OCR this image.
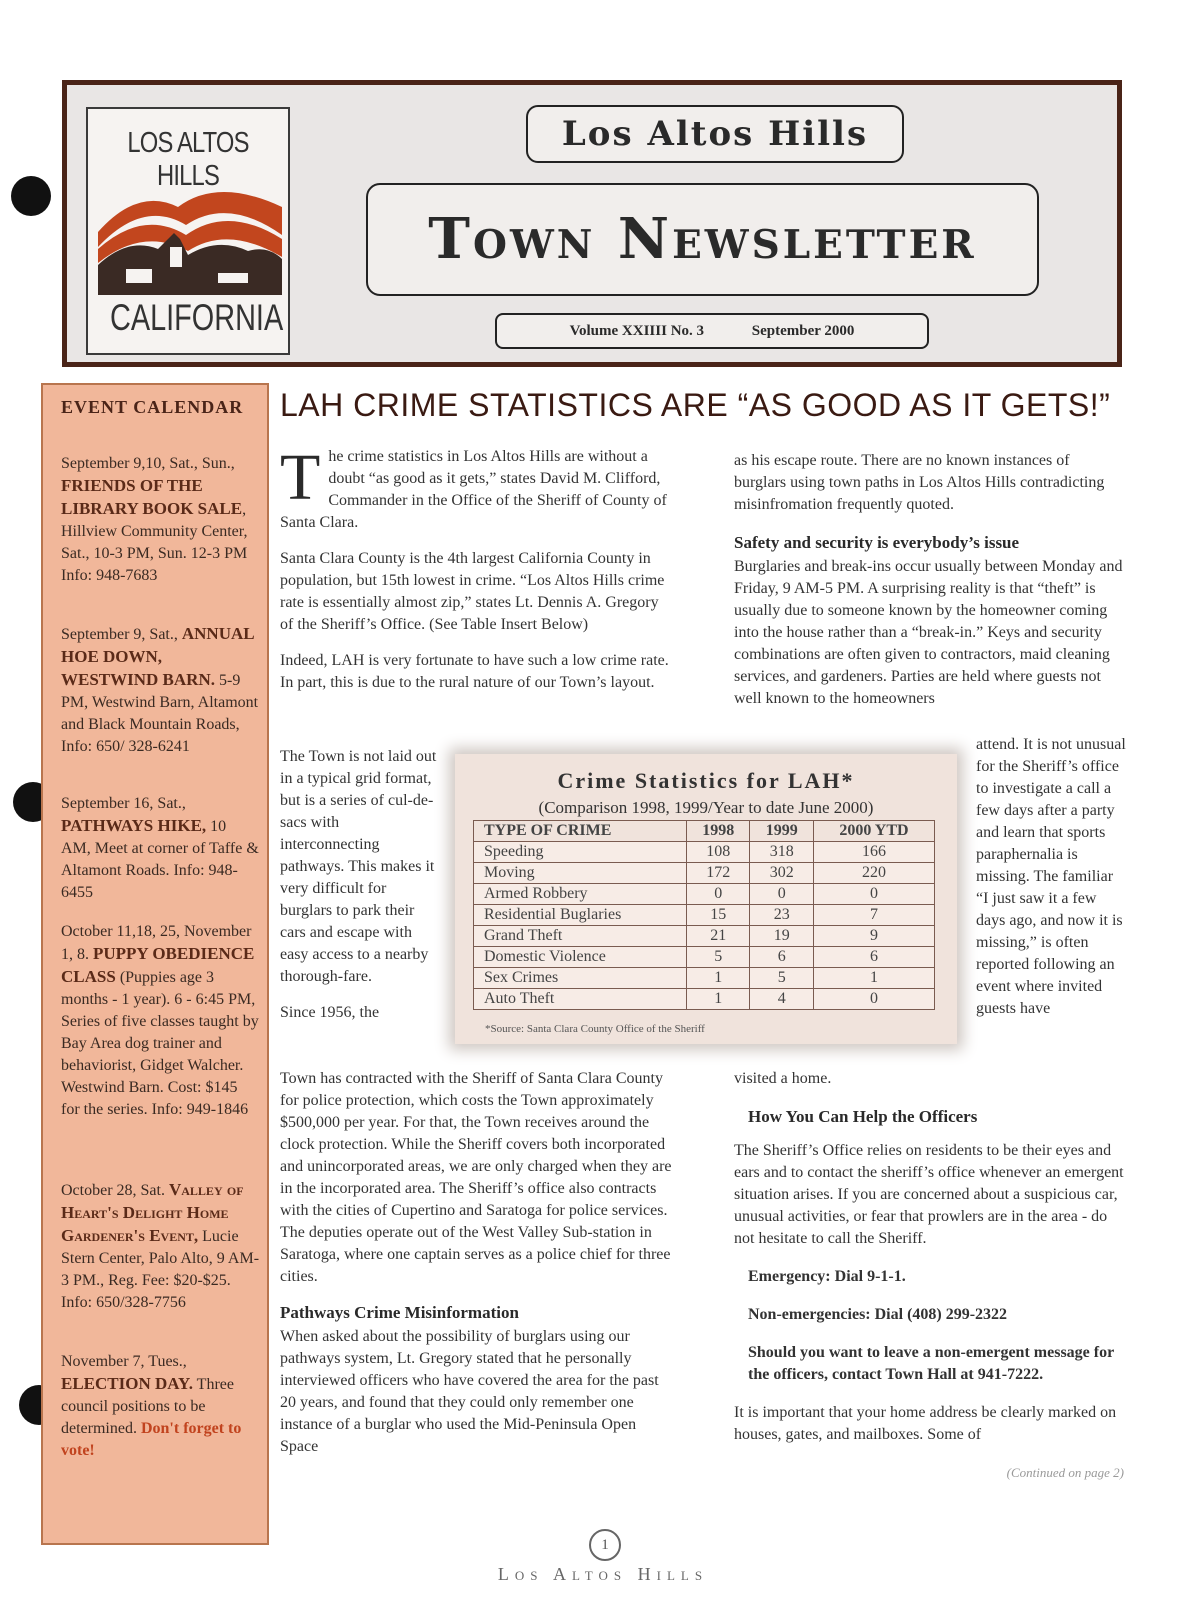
LOS ALTOS HILLS
CALIFORNIA
Los Altos Hills
Town Newsletter
Volume XXIIII No. 3	September 2000
EVENT CALENDAR
September 9,10, Sat., Sun., FRIENDS OF THE LIBRARY BOOK SALE, Hillview Community Center, Sat., 10-3 PM, Sun. 12-3 PM Info: 948-7683
September 9, Sat., ANNUAL HOE DOWN, WESTWIND BARN. 5-9 PM, Westwind Barn, Altamont and Black Mountain Roads, Info: 650/ 328-6241
September 16, Sat., PATHWAYS HIKE, 10 AM, Meet at corner of Taffe & Altamont Roads. Info: 948-6455
October 11,18, 25, November 1, 8. PUPPY OBEDIENCE CLASS (Puppies age 3 months - 1 year). 6 - 6:45 PM, Series of five classes taught by Bay Area dog trainer and behaviorist, Gidget Walcher. Westwind Barn. Cost: $145 for the series. Info: 949-1846
October 28, Sat. Valley of Heart's Delight Home Gardener's Event, Lucie Stern Center, Palo Alto, 9 AM- 3 PM., Reg. Fee: $20-$25. Info: 650/328-7756
November 7, Tues., ELECTION DAY. Three council positions to be determined. Don't forget to vote!
LAH CRIME STATISTICS ARE “AS GOOD AS IT GETS!”

The crime statistics in Los Altos Hills are without a doubt “as good as it gets,” states David M. Clifford, Commander in the Office of the Sheriff of County of Santa Clara.

Santa Clara County is the 4th largest California County in population, but 15th lowest in crime. “Los Altos Hills crime rate is essentially almost zip,” states Lt. Dennis A. Gregory of the Sheriff’s Office. (See Table Insert Below)

Indeed, LAH is very fortunate to have such a low crime rate. In part, this is due to the rural nature of our Town’s layout.

The Town is not laid out in a typical grid format, but is a series of cul-de-sacs with interconnecting pathways. This makes it very difficult for burglars to park their cars and escape with easy access to a nearby thorough-fare.

Since 1956, the

Town has contracted with the Sheriff of Santa Clara County for police protection, which costs the Town approximately $500,000 per year. For that, the Town receives around the clock protection. While the Sheriff covers both incorporated and unincorporated areas, we are only charged when they are in the incorporated area. The Sheriff’s office also contracts with the cities of Cupertino and Saratoga for police services. The deputies operate out of the West Valley Sub-station in Saratoga, where one captain serves as a police chief for three cities.

Pathways Crime Misinformation

When asked about the possibility of burglars using our pathways system, Lt. Gregory stated that he personally interviewed officers who have covered the area for the past 20 years, and found that they could only remember one instance of a burglar who used the Mid-Peninsula Open Space

as his escape route. There are no known instances of burglars using town paths in Los Altos Hills contradicting misinfromation frequently quoted.

Safety and security is everybody’s issue

Burglaries and break-ins occur usually between Monday and Friday, 9 AM-5 PM. A surprising reality is that “theft” is usually due to someone known by the homeowner coming into the house rather than a “break-in.” Keys and security combinations are often given to contractors, maid cleaning services, and gardeners. Parties are held where guests not well known to the homeowners

attend. It is not unusual for the Sheriff’s office to investigate a call a few days after a party and learn that sports paraphernalia is missing. The familiar “I just saw it a few days ago, and now it is missing,” is often reported following an event where invited guests have

visited a home.

How You Can Help the Officers

The Sheriff’s Office relies on residents to be their eyes and ears and to contact the sheriff’s office whenever an emergent situation arises. If you are concerned about a suspicious car, unusual activities, or fear that prowlers are in the area - do not hesitate to call the Sheriff.

Emergency: Dial 9-1-1.

Non-emergencies: Dial (408) 299-2322

Should you want to leave a non-emergent message for the officers, contact Town Hall at 941-7222.

It is important that your home address be clearly marked on houses, gates, and mailboxes. Some of

(Continued on page 2)

Crime Statistics for LAH*
(Comparison 1998, 1999/Year to date June 2000)
TYPE OF CRIME	1998	1999	2000 YTD
Speeding	108	318	166
Moving	172	302	220
Armed Robbery	0	0	0
Residential Buglaries	15	23	7
Grand Theft	21	19	9
Domestic Violence	5	6	6
Sex Crimes	1	5	1
Auto Theft	1	4	0
*Source: Santa Clara County Office of the Sheriff
1
Los Altos Hills
